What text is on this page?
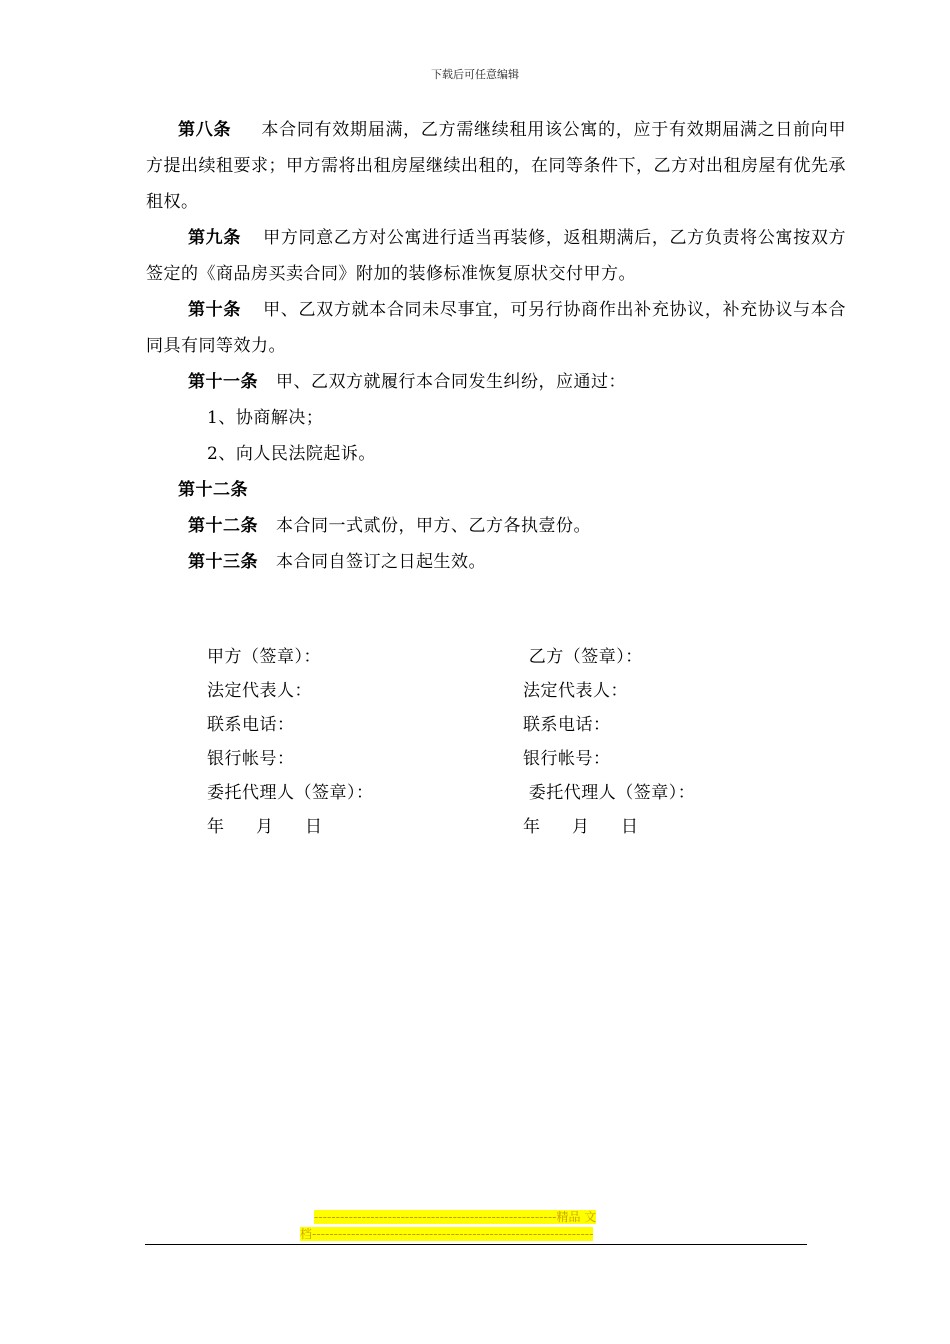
下载后可任意编辑

第八条 本合同有效期届满，乙方需继续租用该公寓的，应于有效期届满之日前向甲方提出续租要求；甲方需将出租房屋继续出租的，在同等条件下，乙方对出租房屋有优先承租权。

第九条 甲方同意乙方对公寓进行适当再装修，返租期满后，乙方负责将公寓按双方签定的《商品房买卖合同》附加的装修标准恢复原状交付甲方。

第十条 甲、乙双方就本合同未尽事宜，可另行协商作出补充协议，补充协议与本合同具有同等效力。

第十一条 甲、乙双方就履行本合同发生纠纷，应通过：

1、协商解决；

2、向人民法院起诉。

第十二条

第十二条 本合同一式贰份，甲方、乙方各执壹份。

第十三条 本合同自签订之日起生效。

甲方（签章）：	乙方（签章）：
法定代表人：	法定代表人：
联系电话：	联系电话：
银行帐号：	银行帐号：
委托代理人（签章）：	委托代理人（签章）：
年 月 日	年 月 日
--------------------------------------------------------精品 文
档-----------------------------------------------------------------
